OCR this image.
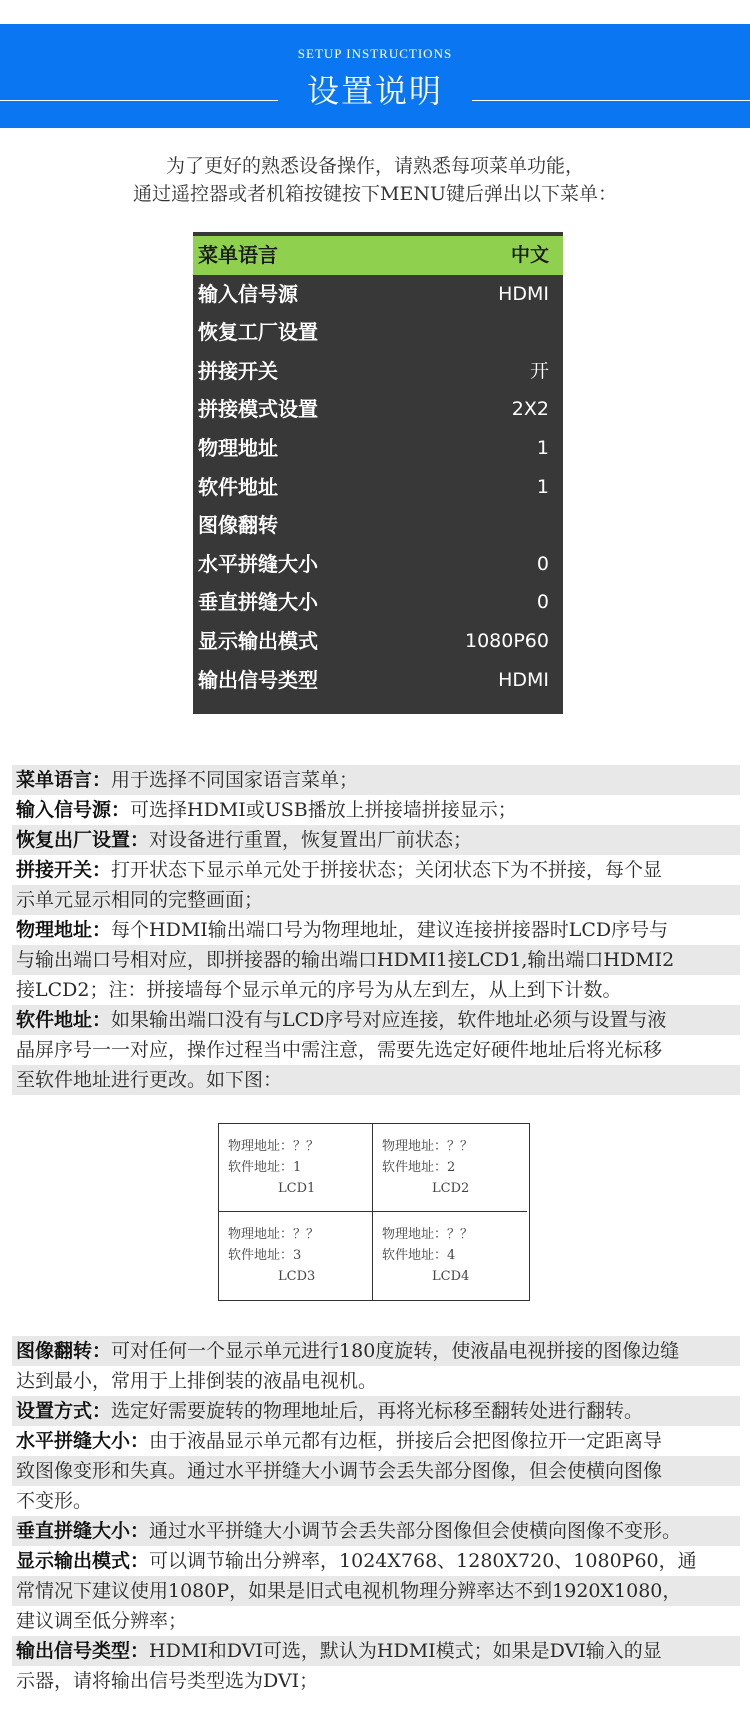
SETUP INSTRUCTIONS
设置说明
为了更好的熟悉设备操作，请熟悉每项菜单功能，
通过遥控器或者机箱按键按下MENU键后弹出以下菜单：
菜单语言	中文
输入信号源	HDMI
恢复工厂设置
拼接开关	开
拼接模式设置	2X2
物理地址	1
软件地址	1
图像翻转
水平拼缝大小	0
垂直拼缝大小	0
显示输出模式	1080P60
输出信号类型	HDMI

菜单语言：用于选择不同国家语言菜单；

输入信号源：可选择HDMI或USB播放上拼接墙拼接显示；

恢复出厂设置：对设备进行重置，恢复置出厂前状态；

拼接开关：打开状态下显示单元处于拼接状态；关闭状态下为不拼接，每个显

示单元显示相同的完整画面；

物理地址：每个HDMI输出端口号为物理地址，建议连接拼接器时LCD序号与

与输出端口号相对应，即拼接器的输出端口HDMI1接LCD1,输出端口HDMI2

接LCD2；注：拼接墙每个显示单元的序号为从左到左，从上到下计数。

软件地址：如果输出端口没有与LCD序号对应连接，软件地址必须与设置与液

晶屏序号一一对应，操作过程当中需注意，需要先选定好硬件地址后将光标移

至软件地址进行更改。如下图：

物理地址：？？
软件地址：1
LCD1
物理地址：？？
软件地址：2
LCD2
物理地址：？？
软件地址：3
LCD3
物理地址：？？
软件地址：4
LCD4

图像翻转：可对任何一个显示单元进行180度旋转，使液晶电视拼接的图像边缝

达到最小，常用于上排倒装的液晶电视机。

设置方式：选定好需要旋转的物理地址后，再将光标移至翻转处进行翻转。

水平拼缝大小：由于液晶显示单元都有边框，拼接后会把图像拉开一定距离导

致图像变形和失真。通过水平拼缝大小调节会丢失部分图像，但会使横向图像

不变形。

垂直拼缝大小：通过水平拼缝大小调节会丢失部分图像但会使横向图像不变形。

显示输出模式：可以调节输出分辨率，1024X768、1280X720、1080P60，通

常情况下建议使用1080P，如果是旧式电视机物理分辨率达不到1920X1080，

建议调至低分辨率；

输出信号类型：HDMI和DVI可选，默认为HDMI模式；如果是DVI输入的显

示器，请将输出信号类型选为DVI；
